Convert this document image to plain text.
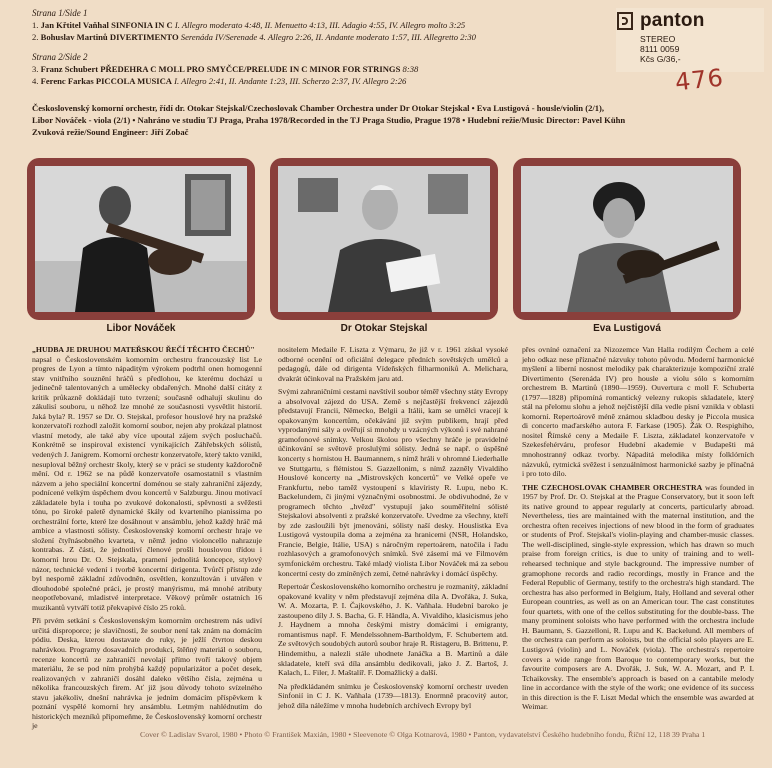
Strana 1/Side 1
1. Jan Křtitel Vaňhal SINFONIA IN C I. Allegro moderato 4:48, II. Menuetto 4:13, III. Adagio 4:55, IV. Allegro molto 3:25
2. Bohuslav Martinů DIVERTIMENTO Serenáda IV/Serenade 4. Allegro 2:26, II. Andante moderato 1:57, III. Allegretto 2:30
Strana 2/Side 2
3. Franz Schubert PŘEDEHRA C MOLL PRO SMYČCE/PRELUDE IN C MINOR FOR STRINGS 8:38
4. Ferenc Farkas PICCOLA MUSICA I. Allegro 2:41, II. Andante 1:23, III. Scherzo 2:37, IV. Allegro 2:26
panton
STEREO
8111 0059
Kčs G/36,-
476
Československý komorní orchestr, řídí dr. Otokar Stejskal/Czechoslovak Chamber Orchestra under Dr Otokar Stejskal • Eva Lustigová - housle/violin (2/1),
Libor Nováček - viola (2/1) • Nahráno ve studiu TJ Praga, Praha 1978/Recorded in the TJ Praga Studio, Prague 1978 • Hudební režie/Music Director: Pavel Kühn
Zvuková režie/Sound Engineer: Jiří Zobač
Libor Nováček	Dr Otokar Stejskal	Eva Lustigová

„HUDBA JE DRUHOU MATEŘSKOU ŘEČÍ TĚCHTO ČECHŮ"

napsal o Československém komorním orchestru francouzský list Le progres de Lyon a tímto nápaditým výrokem podtrhl onen homogenní stav vnitřního souznění hráčů s předlohou, ke kterému dochází u jedinečně talentovaných a umělecky obdařených. Mnohé další citáty z kritik průkazně dokládají tuto tvrzení; současně odhalují skulinu do zákulisí souboru, u něhož lze mnohé ze současnosti vysvětlit historií. Jaká byla? R. 1957 se Dr. O. Stejskal, profesor houslové hry na pražské konzervatoři rozhodl založit komorní soubor, nejen aby prokázal platnost vlastní metody, ale také aby více upoutal zájem svých posluchačů. Konkrétně se inspiroval existencí vynikajících Záhřebských sólistů, vedených J. Janigrem. Komorní orchestr konzervatoře, který takto vznikl, nesuploval běžný orchestr školy, který se v práci se studenty každoročně mění. Od r. 1962 se na půdě konzervatoře osamostatnil s vlastním názvem a jeho speciální koncertní doménou se staly zahraniční zájezdy, podnícené velkým úspěchem dvou koncertů v Salzburgu. Jinou motivací základatele byla i touha po zvukové dokonalosti, spěvnosti a svěžesti tónu, po široké paletě dynamické škály od kvarteního pianissima po orchestrální forte, které lze dosáhnout v ansámblu, jehož každý hráč má ambice a vlastnosti sólisty. Československý komorní orchestr hraje ve složení čtyřnásobného kvarteta, v němž jedno violoncello nahrazuje kontrabas. Z části, že jednotliví členové prošli houslovou třídou i komorní hrou Dr. O. Stejskala, pramení jednolitá koncepce, stylový názor, technické vedení i tvorbě koncertní dirigenta. Tvůrčí přístup zde byl nesporně základní zdůvodněn, osvětlen, konzultován i utvářen v dlouhodobé společné práci, je prostý manýrismu, má mnohé atributy neopotřebované, mladistvé interpretace. Věkový průměr ostatních 16 muzikantů vytváří totiž překvapivé číslo 25 roků.

Při prvém setkání s Československým komorním orchestrem nás udiví určitá disproporce; je slavičnosti, že soubor není tak znám na domácím pódiu. Deska, kterou dostavate do ruky, je ježlí čtvrtou deskou nahrávkou. Programy dosavadních produkcí, štěňný materiál o souboru, recenze koncertů ze zahraničí nevolají přímo tvoří takový objem materiálu, že se pod ním prohýbá každý popularizátor a počet desek, realizovaných v zahraničí dosáhl daleko většího čísla, zejména u několika francouzských firem. Ať již jsou důvody tohoto svízelného stavu jakékoliv, dnešní nahrávka je jedním domácím příspěvkem k poznání vyspělé komorní hry ansámblu. Letmým nahlédnutím do historických mezníků připomeňme, že Československý komorní orchestr je

nositelem Medaile F. Liszta z Výmaru, že již v r. 1961 získal vysoké odborné ocenění od oficiální delegace předních sovětských umělců a pedagogů, dále od dirigenta Vídeňských filharmoniků A. Melichara, dvakrát účinkoval na Pražském jaru atd.

Svými zahraničními cestami navštívil soubor téměř všechny státy Evropy a absolvoval zájezd do USA. Země s nejčastější frekvencí zájezdů představují Francii, Německo, Belgii a Itálii, kam se umělci vracejí k opakovaným koncertům, očekávání již svým publikem, hrají před vyprodanými sály a ověřují si mnohdy u vzácných výkonů i své nahrané gramofonové snímky. Velkou školou pro všechny hráče je pravidelné účinkování se světově proslulými sólisty. Jedná se např. o úspěšné koncerty s hornistou H. Baumannem, s nímž hráli v ohromné Liederhalle ve Stuttgartu, s flétnistou S. Gazzellonim, s nímž zazněly Vivaldiho Houslové koncerty na „Mistrovských koncertů" ve Velké opeře ve Frankfurtu, nebo taměž vystoupení s klavíristy R. Lupu, nebo K. Backelundem, či jinými význačnými osobnostmi. Je obdivuhodné, že v programech těchto „hvězd" vystupují jako souměřitelní sólisté Stejskalovi absolventi z pražské konzervatoře. Uvedme za všechny, kteří by zde zasloužili být jmenováni, sólisty naší desky. Houslistka Eva Lustigová vystoupila doma a zejména za hranicemi (NSR, Holandsko, Francie, Belgie, Itálie, USA) s náročným repertoárem, natočila i řadu rozhlasových a gramofonových snímků. Své zásemí má ve Filmovém symfonickém orchestru. Také mladý violista Libor Nováček má za sebou koncertní cesty do zmíněných zemí, četné nahrávky i domácí úspěchy.

Repertoár Československého komorního orchestru je rozmanitý, základní opakované kvality v něm představují zejména díla A. Dvořáka, J. Suka, W. A. Mozarta, P. I. Čajkovského, J. K. Vaňhala. Hudební baroko je zastoupeno díly J. S. Bacha, G. F. Händla, A. Vivaldiho, klasicismus jeho J. Haydnem a mnoha českými mistry domácími i emigranty, romantismus např. F. Mendelssohnem-Bartholdym, F. Schubertem atd. Ze světových soudobých autorů soubor hraje R. Ristageru, B. Brittenu, P. Hindemithu, a nalezli stále uhodnete Janáčka a B. Martinů a dále skladatele, kteří svá díla ansámblu dedikovali, jako J. Z. Bartoš, J. Kalach, L. Filer, J. Maštalíř. F. Domažlický a další.

Na předkládaném snímku je Československý komorní orchestr uveden Sinfonií in C J. K. Vaňhala (1739—1813). Enormně pracovitý autor, jehož díla náležíme v mnoha hudebních archívech Evropy byl

přes ovníné označení za Nizozemce Van Halla rodilým Čechem a celé jeho odkaz nese příznačné názvuky tohoto původu. Moderní harmonické myšlení a liberní nosnost melodiky pak charakterizuje kompoziční zralé Divertimento (Serenáda IV) pro housle a violu sólo s komorním orchestrem B. Martinů (1890—1959). Ouvertura c moll F. Schuberta (1797—1828) připomíná romantický velezny rukopis skladatele, který stál na přelomu slohu a jehož nejčistější díla vedle písní vznikla v oblasti komorní. Repertoárově méně známou skladbou desky je Piccola musica di concerto maďarského autora F. Farkase (1905). Žák O. Respighiho, nositel Římské ceny a Medaile F. Liszta, základatel konzervatoře v Szekesfehérváru, profesor Hudební akademie v Budapešti má mnohostranný odkaz tvorby. Nápaditá melodika místy folklórních názvuků, rytmická svěžest i senzuálnímost harmonické sazby je přínačná i pro toto dílo.

THE CZECHOSLOVAK CHAMBER ORCHESTRA was founded in 1957 by Prof. Dr. O. Stejskal at the Prague Conservatory, but it soon left its native ground to appear regularly at concerts, particularly abroad. Nevertheless, ties are maintained with the maternal institution, and the orchestra often receives injections of new blood in the form of graduates or students of Prof. Stejskal's violin-playing and chamber-music classes. The well-disciplined, single-style expression, which has drawn so much praise from foreign critics, is due to unity of training and to well-rehearsed technique and style background. The impressive number of gramophone records and radio recordings, mostly in France and the Federal Republic of Germany, testify to the orchestra's high standard. The orchestra has also performed in Belgium, Italy, Holland and several other European countries, as well as on an American tour. The cast constitutes four quartets, with one of the cellos substituting for the double-bass. The many prominent soloists who have performed with the orchestra include H. Baumann, S. Gazzelloni, R. Lupu and K. Backelund. All members of the orchestra can perform as soloists, but the official solo players are E. Lustigová (violin) and L. Nováček (viola). The orchestra's repertoire covers a wide range from Baroque to contemporary works, but the favourite composers are A. Dvořák, J. Suk, W. A. Mozart, and P. I. Tchaikovsky. The ensemble's approach is based on a cantabile melody line in accordance with the style of the work; one evidence of its success in this direction is the F. Liszt Medal which the ensemble was awarded at Weimar.

Cover © Ladislav Svarol, 1980 • Photo © František Maxián, 1980 • Sleevenote © Olga Kotnarová, 1980 • Panton, vydavatelství Českého hudebního fondu, Říční 12, 118 39 Praha 1
